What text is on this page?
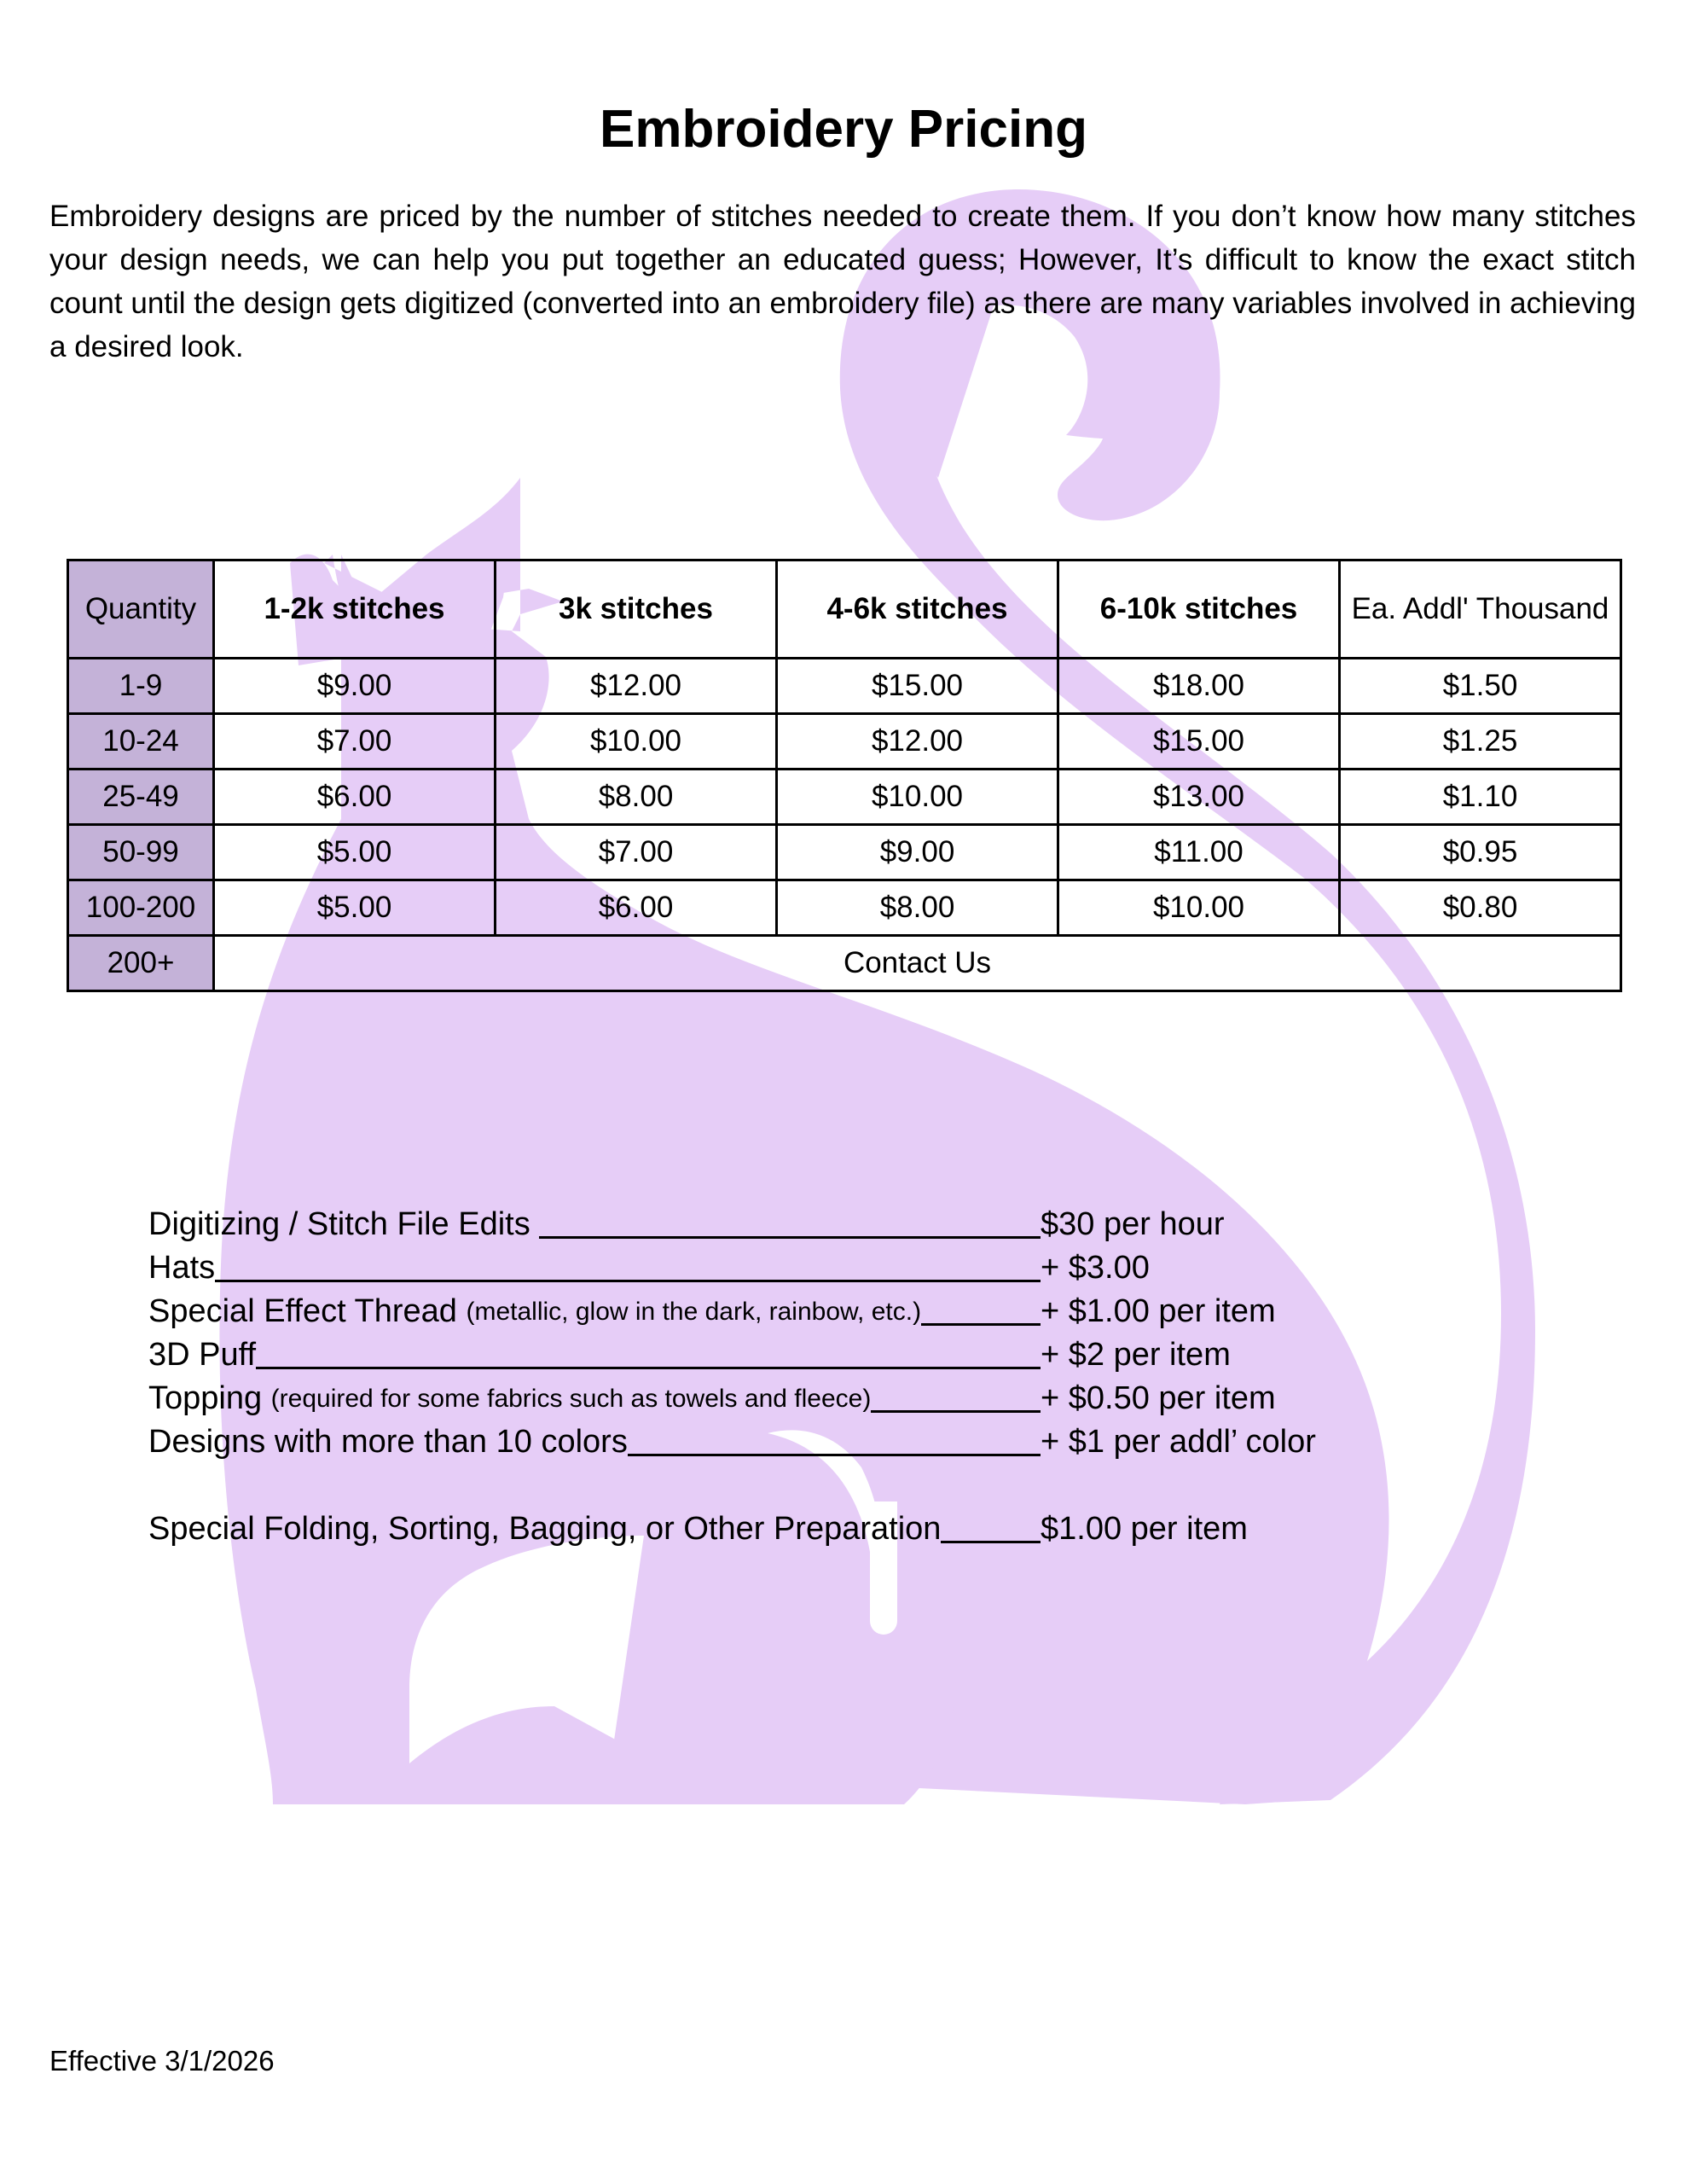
Embroidery Pricing

Embroidery designs are priced by the number of stitches needed to create them. If you don’t know how many stitches your design needs, we can help you put together an educated guess; However, It’s difficult to know the exact stitch count until the design gets digitized (converted into an embroidery file) as there are many variables involved in achieving a desired look.

Quantity	1-2k stitches	3k stitches	4-6k stitches	6-10k stitches	Ea. Addl' Thousand
1-9	$9.00	$12.00	$15.00	$18.00	$1.50
10-24	$7.00	$10.00	$12.00	$15.00	$1.25
25-49	$6.00	$8.00	$10.00	$13.00	$1.10
50-99	$5.00	$7.00	$9.00	$11.00	$0.95
100-200	$5.00	$6.00	$8.00	$10.00	$0.80
200+	Contact Us				
Digitizing / Stitch File Edits	$30 per hour
Hats	+ $3.00
Special Effect Thread (metallic, glow in the dark, rainbow, etc.)	+ $1.00 per item
3D Puff	+ $2 per item
Topping (required for some fabrics such as towels and fleece)	+ $0.50 per item
Designs with more than 10 colors	+ $1 per addl’ color
Special Folding, Sorting, Bagging, or Other Preparation	$1.00 per item
Effective 3/1/2026
